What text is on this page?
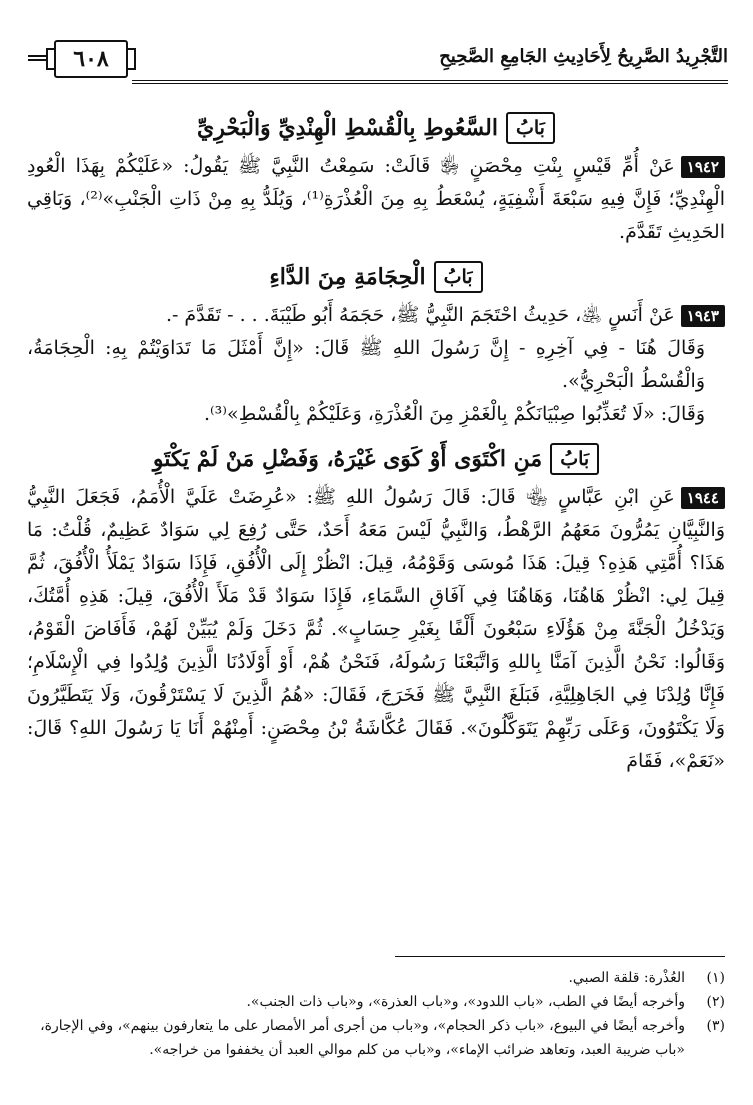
التَّجْرِيدُ الصَّرِيحُ لِأَحَادِيثِ الجَامِعِ الصَّحِيحِ
٦٠٨
بَابُالسَّعُوطِ بِالْقُسْطِ الْهِنْدِيِّ وَالْبَحْرِيِّ

١٩٤٢عَنْ أُمِّ قَيْسٍ بِنْتِ مِحْصَنٍ ﵂ قَالَتْ: سَمِعْتُ النَّبِيَّ ﷺ يَقُولُ: «عَلَيْكُمْ بِهَذَا الْعُودِ الْهِنْدِيِّ؛ فَإِنَّ فِيهِ سَبْعَةَ أَشْفِيَةٍ، يُسْعَطُ بِهِ مِنَ الْعُذْرَةِ⁽¹⁾، وَيُلَدُّ بِهِ مِنْ ذَاتِ الْجَنْبِ»⁽²⁾، وَبَاقِي الحَدِيثِ تَقَدَّمَ.

بَابُالْحِجَامَةِ مِنَ الدَّاءِ

١٩٤٣عَنْ أَنَسٍ ﵁، حَدِيثُ احْتَجَمَ النَّبِيُّ ﷺ، حَجَمَهُ أَبُو طَيْبَةَ. . . - تَقَدَّمَ -.

وَقَالَ هُنَا - فِي آخِرِهِ - إِنَّ رَسُولَ اللهِ ﷺ قَالَ: «إِنَّ أَمْثَلَ مَا تَدَاوَيْتُمْ بِهِ: الْحِجَامَةُ، وَالْقُسْطُ الْبَحْرِيُّ».

وَقَالَ: «لَا تُعَذِّبُوا صِبْيَانَكُمْ بِالْغَمْزِ مِنَ الْعُذْرَةِ، وَعَلَيْكُمْ بِالْقُسْطِ»⁽³⁾.

بَابُمَنِ اكْتَوَى أَوْ كَوَى غَيْرَهُ، وَفَضْلِ مَنْ لَمْ يَكْتَوِ

١٩٤٤عَنِ ابْنِ عَبَّاسٍ ﵄ قَالَ: قَالَ رَسُولُ اللهِ ﷺ: «عُرِضَتْ عَلَيَّ الْأُمَمُ، فَجَعَلَ النَّبِيُّ وَالنَّبِيَّانِ يَمُرُّونَ مَعَهُمُ الرَّهْطُ، وَالنَّبِيُّ لَيْسَ مَعَهُ أَحَدٌ، حَتَّى رُفِعَ لِي سَوَادٌ عَظِيمٌ، قُلْتُ: مَا هَذَا؟ أُمَّتِي هَذِهِ؟ قِيلَ: هَذَا مُوسَى وَقَوْمُهُ، قِيلَ: انْظُرْ إِلَى الْأُفُقِ، فَإِذَا سَوَادٌ يَمْلَأُ الْأُفُقَ، ثُمَّ قِيلَ لِي: انْظُرْ هَاهُنَا، وَهَاهُنَا فِي آفَاقِ السَّمَاءِ، فَإِذَا سَوَادٌ قَدْ مَلَأَ الْأُفُقَ، قِيلَ: هَذِهِ أُمَّتُكَ، وَيَدْخُلُ الْجَنَّةَ مِنْ هَؤُلَاءِ سَبْعُونَ أَلْفًا بِغَيْرِ حِسَابٍ». ثُمَّ دَخَلَ وَلَمْ يُبَيِّنْ لَهُمْ، فَأَفَاضَ الْقَوْمُ، وَقَالُوا: نَحْنُ الَّذِينَ آمَنَّا بِاللهِ وَاتَّبَعْنَا رَسُولَهُ، فَنَحْنُ هُمْ، أَوْ أَوْلَادُنَا الَّذِينَ وُلِدُوا فِي الْإِسْلَامِ؛ فَإِنَّا وُلِدْنَا فِي الجَاهِلِيَّةِ، فَبَلَغَ النَّبِيَّ ﷺ فَخَرَجَ، فَقَالَ: «هُمُ الَّذِينَ لَا يَسْتَرْقُونَ، وَلَا يَتَطَيَّرُونَ وَلَا يَكْتَوُونَ، وَعَلَى رَبِّهِمْ يَتَوَكَّلُونَ». فَقَالَ عُكَّاشَةُ بْنُ مِحْصَنٍ: أَمِنْهُمْ أَنَا يَا رَسُولَ اللهِ؟ قَالَ: «نَعَمْ»، فَقَامَ

(١)
العُذْرة: قلقة الصبي.
(٢)
وأخرجه أيضًا في الطب، «باب اللدود»، و«باب العذرة»، و«باب ذات الجنب».
(٣)
وأخرجه أيضًا في البيوع، «باب ذكر الحجام»، و«باب من أجرى أمر الأمصار على ما يتعارفون بينهم»، وفي الإجارة، «باب ضريبة العبد، وتعاهد ضرائب الإماء»، و«باب من كلم موالي العبد أن يخففوا من خراجه».
